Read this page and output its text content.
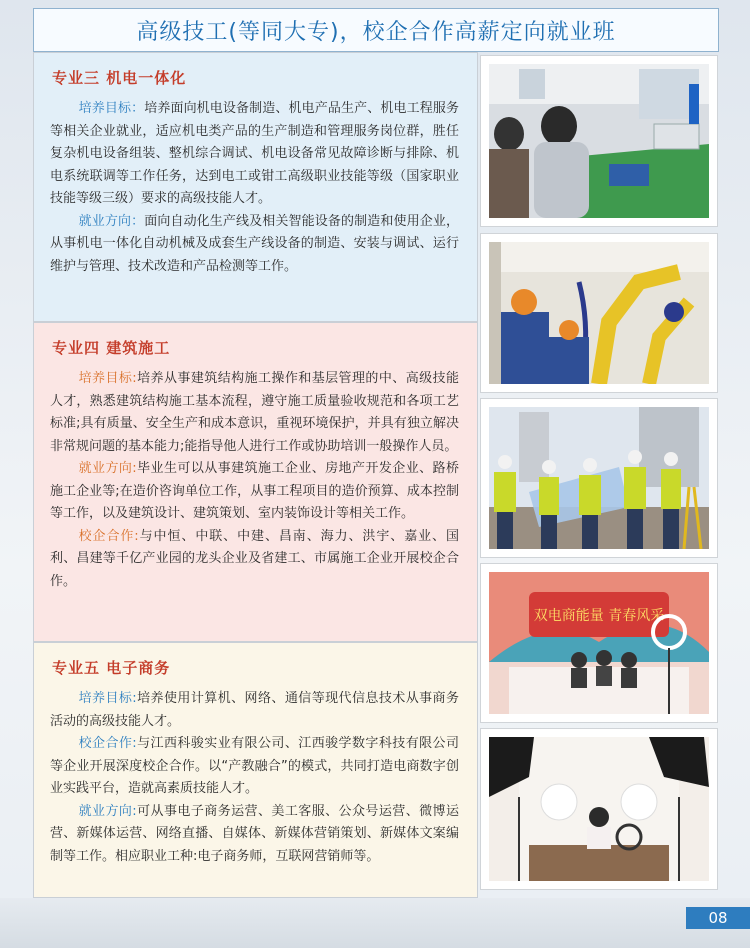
高级技工(等同大专)，校企合作高薪定向就业班
专业三 机电一体化

培养目标：培养面向机电设备制造、机电产品生产、机电工程服务等相关企业就业，适应机电类产品的生产制造和管理服务岗位群，胜任复杂机电设备组装、整机综合调试、机电设备常见故障诊断与排除、机电系统联调等工作任务，达到电工或钳工高级职业技能等级（国家职业技能等级三级）要求的高级技能人才。

就业方向：面向自动化生产线及相关智能设备的制造和使用企业，从事机电一体化自动机械及成套生产线设备的制造、安装与调试、运行维护与管理、技术改造和产品检测等工作。

专业四 建筑施工

培养目标:培养从事建筑结构施工操作和基层管理的中、高级技能人才，熟悉建筑结构施工基本流程，遵守施工质量验收规范和各项工艺标准;具有质量、安全生产和成本意识，重视环境保护，并具有独立解决非常规问题的基本能力;能指导他人进行工作或协助培训一般操作人员。

就业方向:毕业生可以从事建筑施工企业、房地产开发企业、路桥施工企业等;在造价咨询单位工作，从事工程项目的造价预算、成本控制等工作，以及建筑设计、建筑策划、室内装饰设计等相关工作。

校企合作:与中恒、中联、中建、昌南、海力、洪宇、嘉业、国利、昌建等千亿产业园的龙头企业及省建工、市属施工企业开展校企合作。

专业五 电子商务

培养目标:培养使用计算机、网络、通信等现代信息技术从事商务活动的高级技能人才。

校企合作:与江西科骏实业有限公司、江西骏学数字科技有限公司等企业开展深度校企合作。以“产教融合”的模式，共同打造电商数字创业实践平台，造就高素质技能人才。

就业方向:可从事电子商务运营、美工客服、公众号运营、微博运营、新媒体运营、网络直播、自媒体、新媒体营销策划、新媒体文案编制等工作。相应职业工种:电子商务师，互联网营销师等。

双电商能量 青春风采
08
